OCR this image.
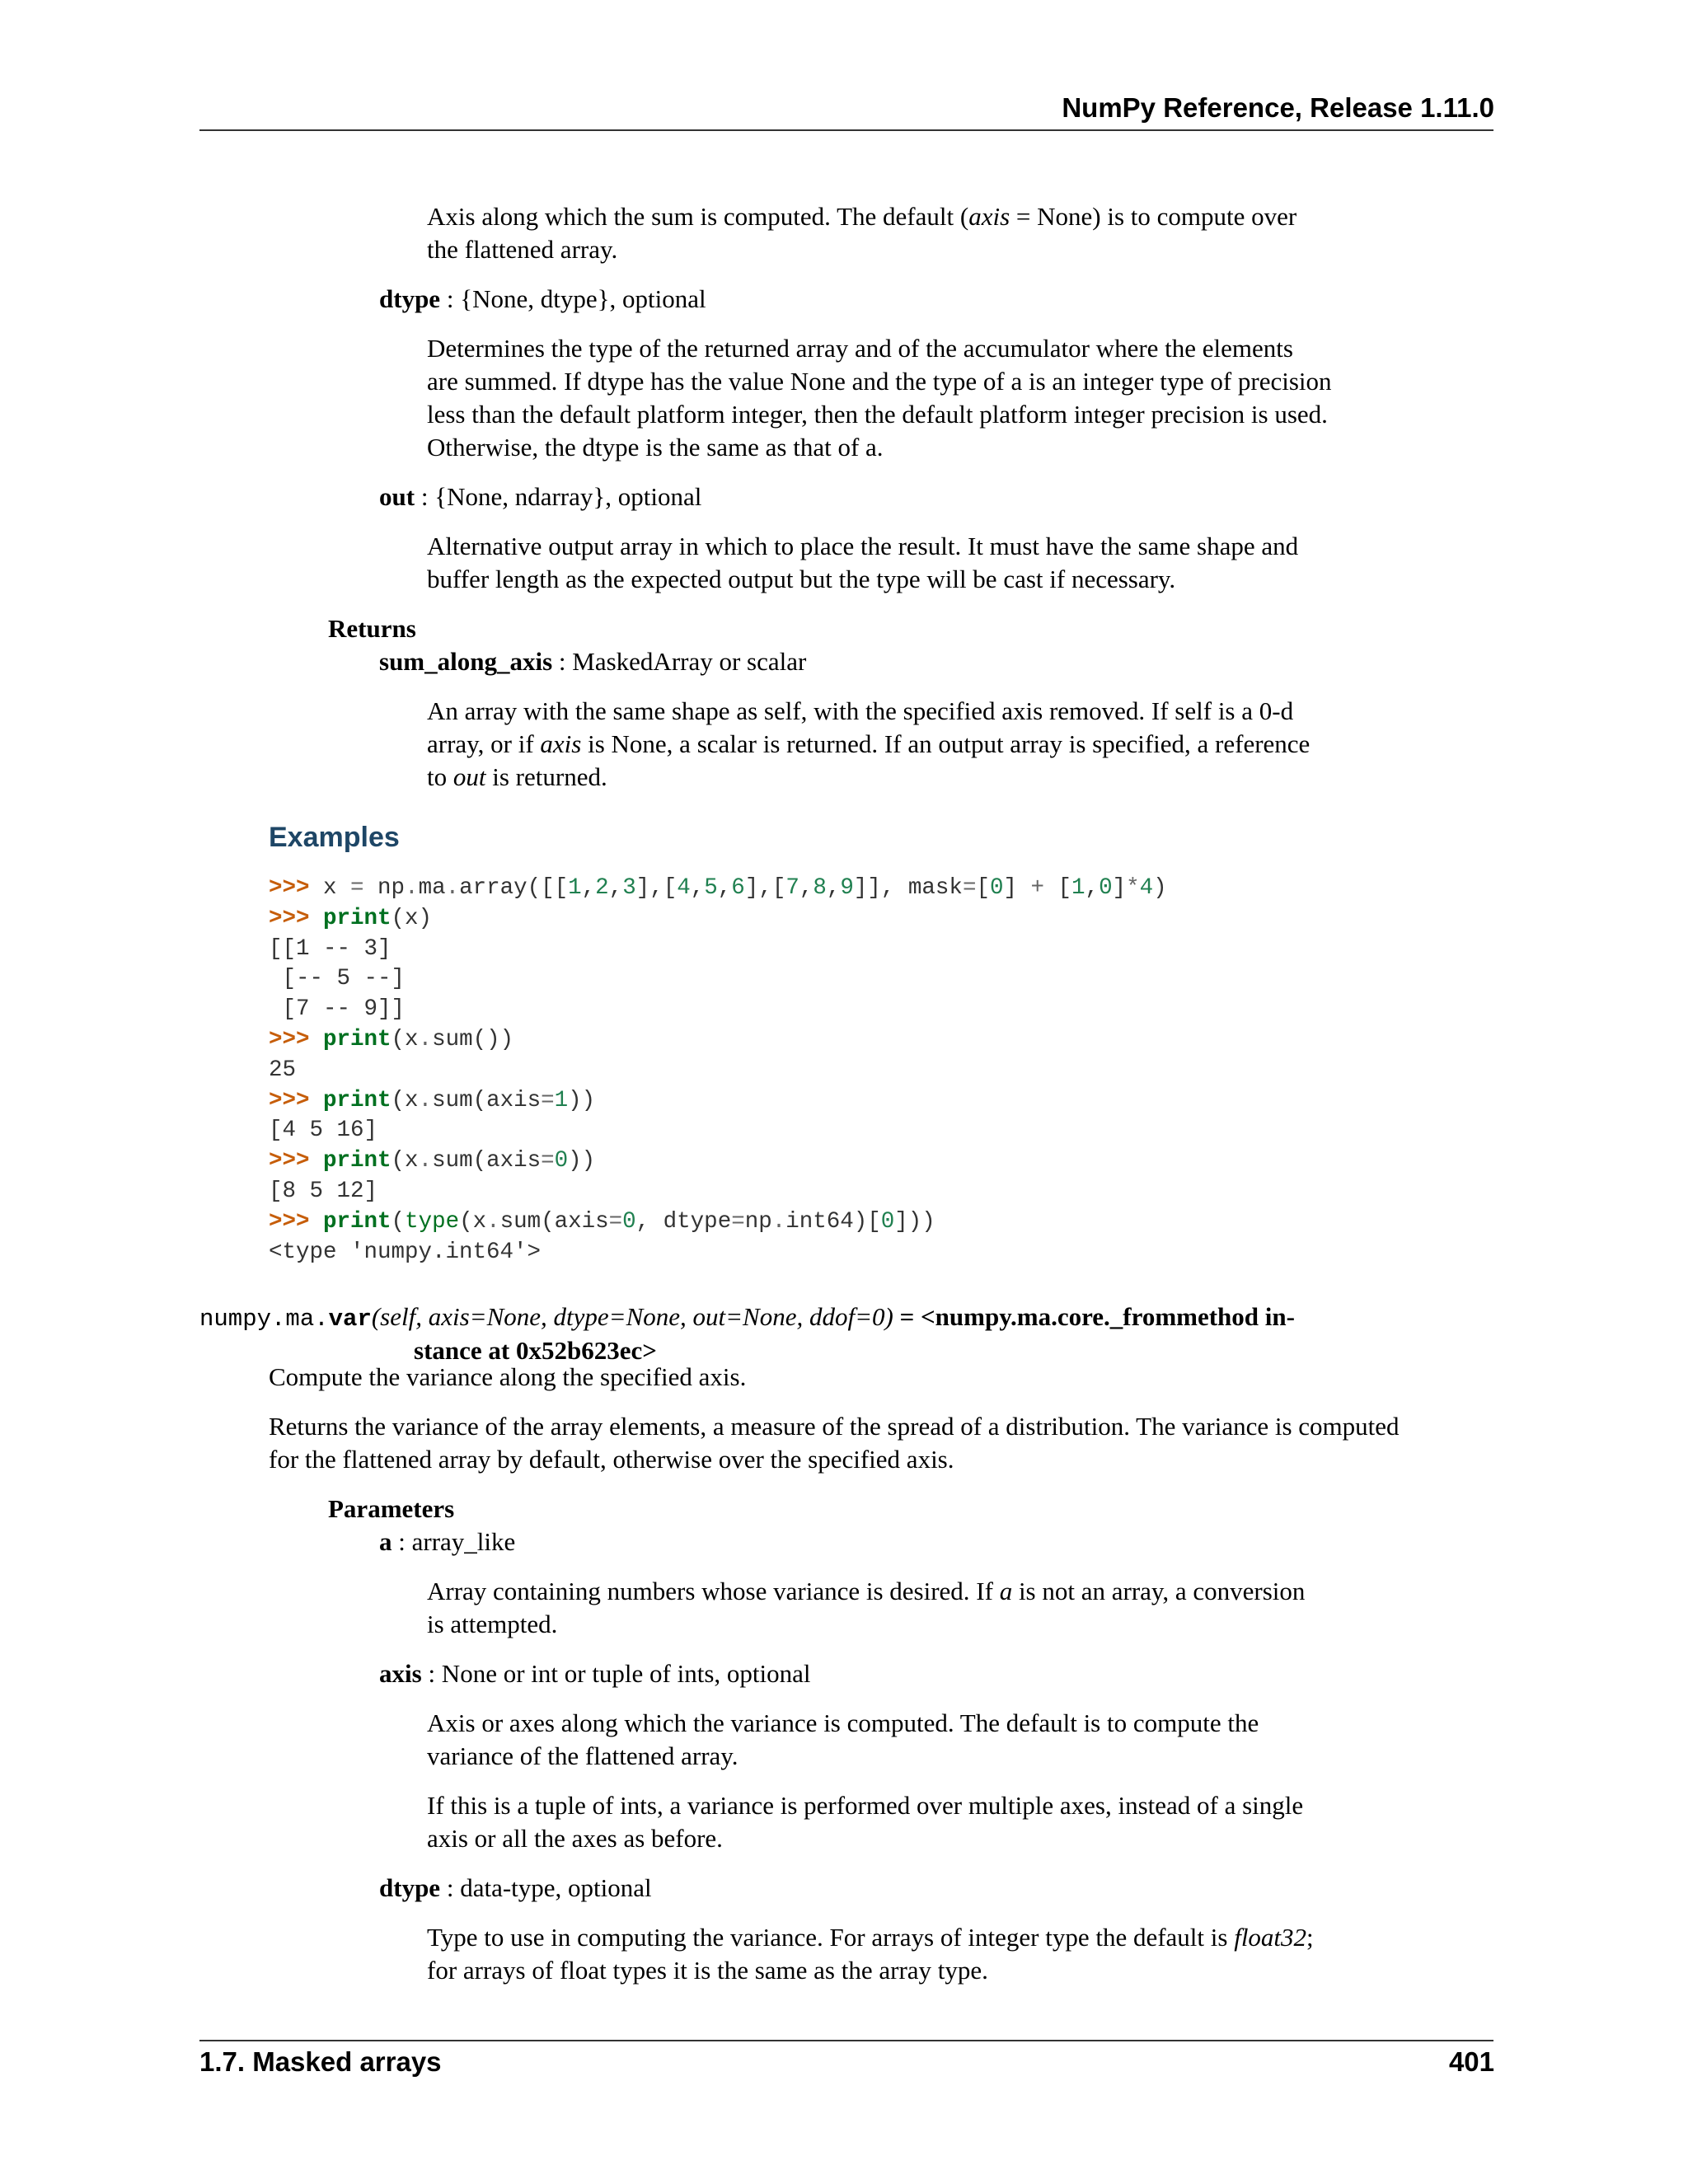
NumPy Reference, Release 1.11.0
Axis along which the sum is computed. The default (axis = None) is to compute over
the flattened array.
dtype : {None, dtype}, optional
Determines the type of the returned array and of the accumulator where the elements
are summed. If dtype has the value None and the type of a is an integer type of precision
less than the default platform integer, then the default platform integer precision is used.
Otherwise, the dtype is the same as that of a.
out : {None, ndarray}, optional
Alternative output array in which to place the result. It must have the same shape and
buffer length as the expected output but the type will be cast if necessary.
Returns
sum_along_axis : MaskedArray or scalar
An array with the same shape as self, with the specified axis removed. If self is a 0-d
array, or if axis is None, a scalar is returned. If an output array is specified, a reference
to out is returned.
Examples
>>> x = np.ma.array([[1,2,3],[4,5,6],[7,8,9]], mask=[0] + [1,0]*4)
>>> print(x)
[[1 -- 3]
[-- 5 --]
[7 -- 9]]
>>> print(x.sum())
25
>>> print(x.sum(axis=1))
[4 5 16]
>>> print(x.sum(axis=0))
[8 5 12]
>>> print(type(x.sum(axis=0, dtype=np.int64)[0]))
<type 'numpy.int64'>
numpy.ma.var(self, axis=None, dtype=None, out=None, ddof=0) = <numpy.ma.core._frommethod in-
stance at 0x52b623ec>
Compute the variance along the specified axis.
Returns the variance of the array elements, a measure of the spread of a distribution. The variance is computed
for the flattened array by default, otherwise over the specified axis.
Parameters
a : array_like
Array containing numbers whose variance is desired. If a is not an array, a conversion
is attempted.
axis : None or int or tuple of ints, optional
Axis or axes along which the variance is computed. The default is to compute the
variance of the flattened array.
If this is a tuple of ints, a variance is performed over multiple axes, instead of a single
axis or all the axes as before.
dtype : data-type, optional
Type to use in computing the variance. For arrays of integer type the default is float32;
for arrays of float types it is the same as the array type.
1.7. Masked arrays	401
